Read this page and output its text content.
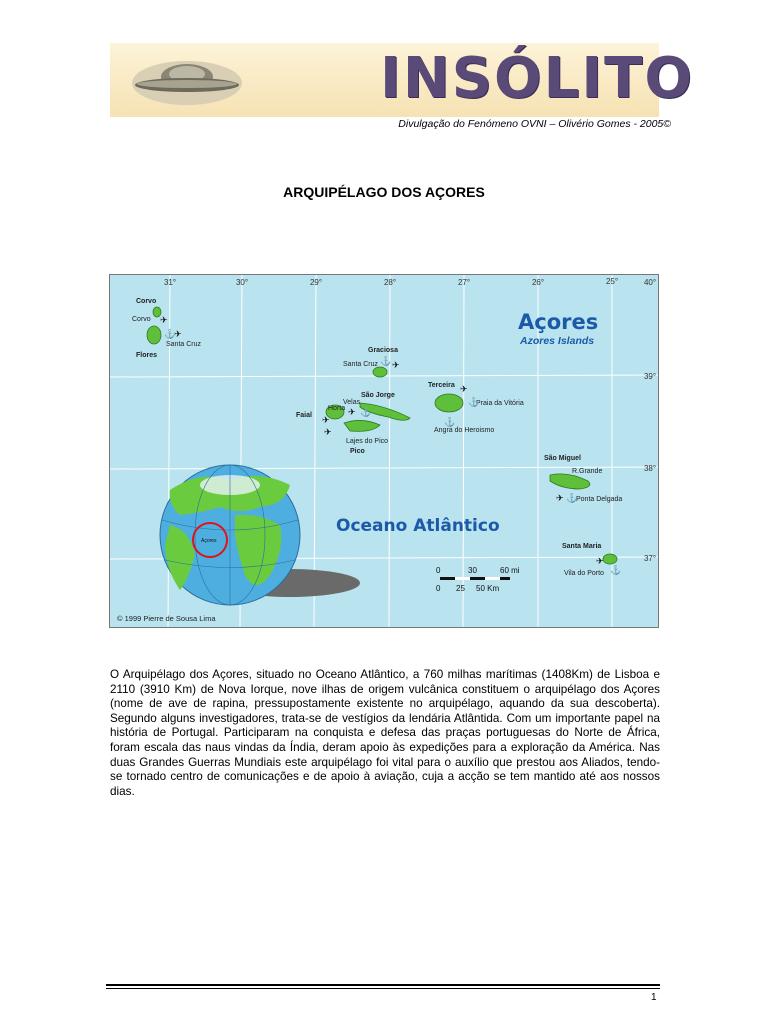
INSÓLITO
Divulgação do Fenómeno OVNI – Olivério Gomes - 2005©
ARQUIPÉLAGO DOS AÇORES
31°	30°	29°	28°	27°	26°	25°	40°
39°
38°
37°
Açores
Azores Islands
Oceano Atlântico
Corvo
Corvo
Flores
Santa Cruz
Graciosa
Santa Cruz
São Jorge
Velas
Horta
Faial
Lajes do Pico
Pico
Terceira
Praia da Vitória
Angra do Heroismo
São Miguel
R.Grande
Ponta Delgada
Santa Maria
Vila do Porto
✈
⚓
✈
⚓ ✈
✈ ⚓
✈
✈
✈
⚓
⚓
✈ ⚓
✈
⚓
Açores
0	30	60 mi
0 25 50 Km
© 1999 Pierre de Sousa Lima
O Arquipélago dos Açores, situado no Oceano Atlântico, a 760 milhas marítimas (1408Km) de Lisboa e 2110 (3910 Km) de Nova Iorque, nove ilhas de origem vulcânica constituem o arquipélago dos Açores (nome de ave de rapina, pressupostamente existente no arquipélago, aquando da sua descoberta). Segundo alguns investigadores, trata-se de vestígios da lendária Atlântida. Com um importante papel na história de Portugal. Participaram na conquista e defesa das praças portuguesas do Norte de África, foram escala das naus vindas da Índia, deram apoio às expedições para a exploração da América. Nas duas Grandes Guerras Mundiais este arquipélago foi vital para o auxílio que prestou aos Aliados, tendo-se tornado centro de comunicações e de apoio à aviação, cuja a acção se tem mantido até aos nossos dias.
1
